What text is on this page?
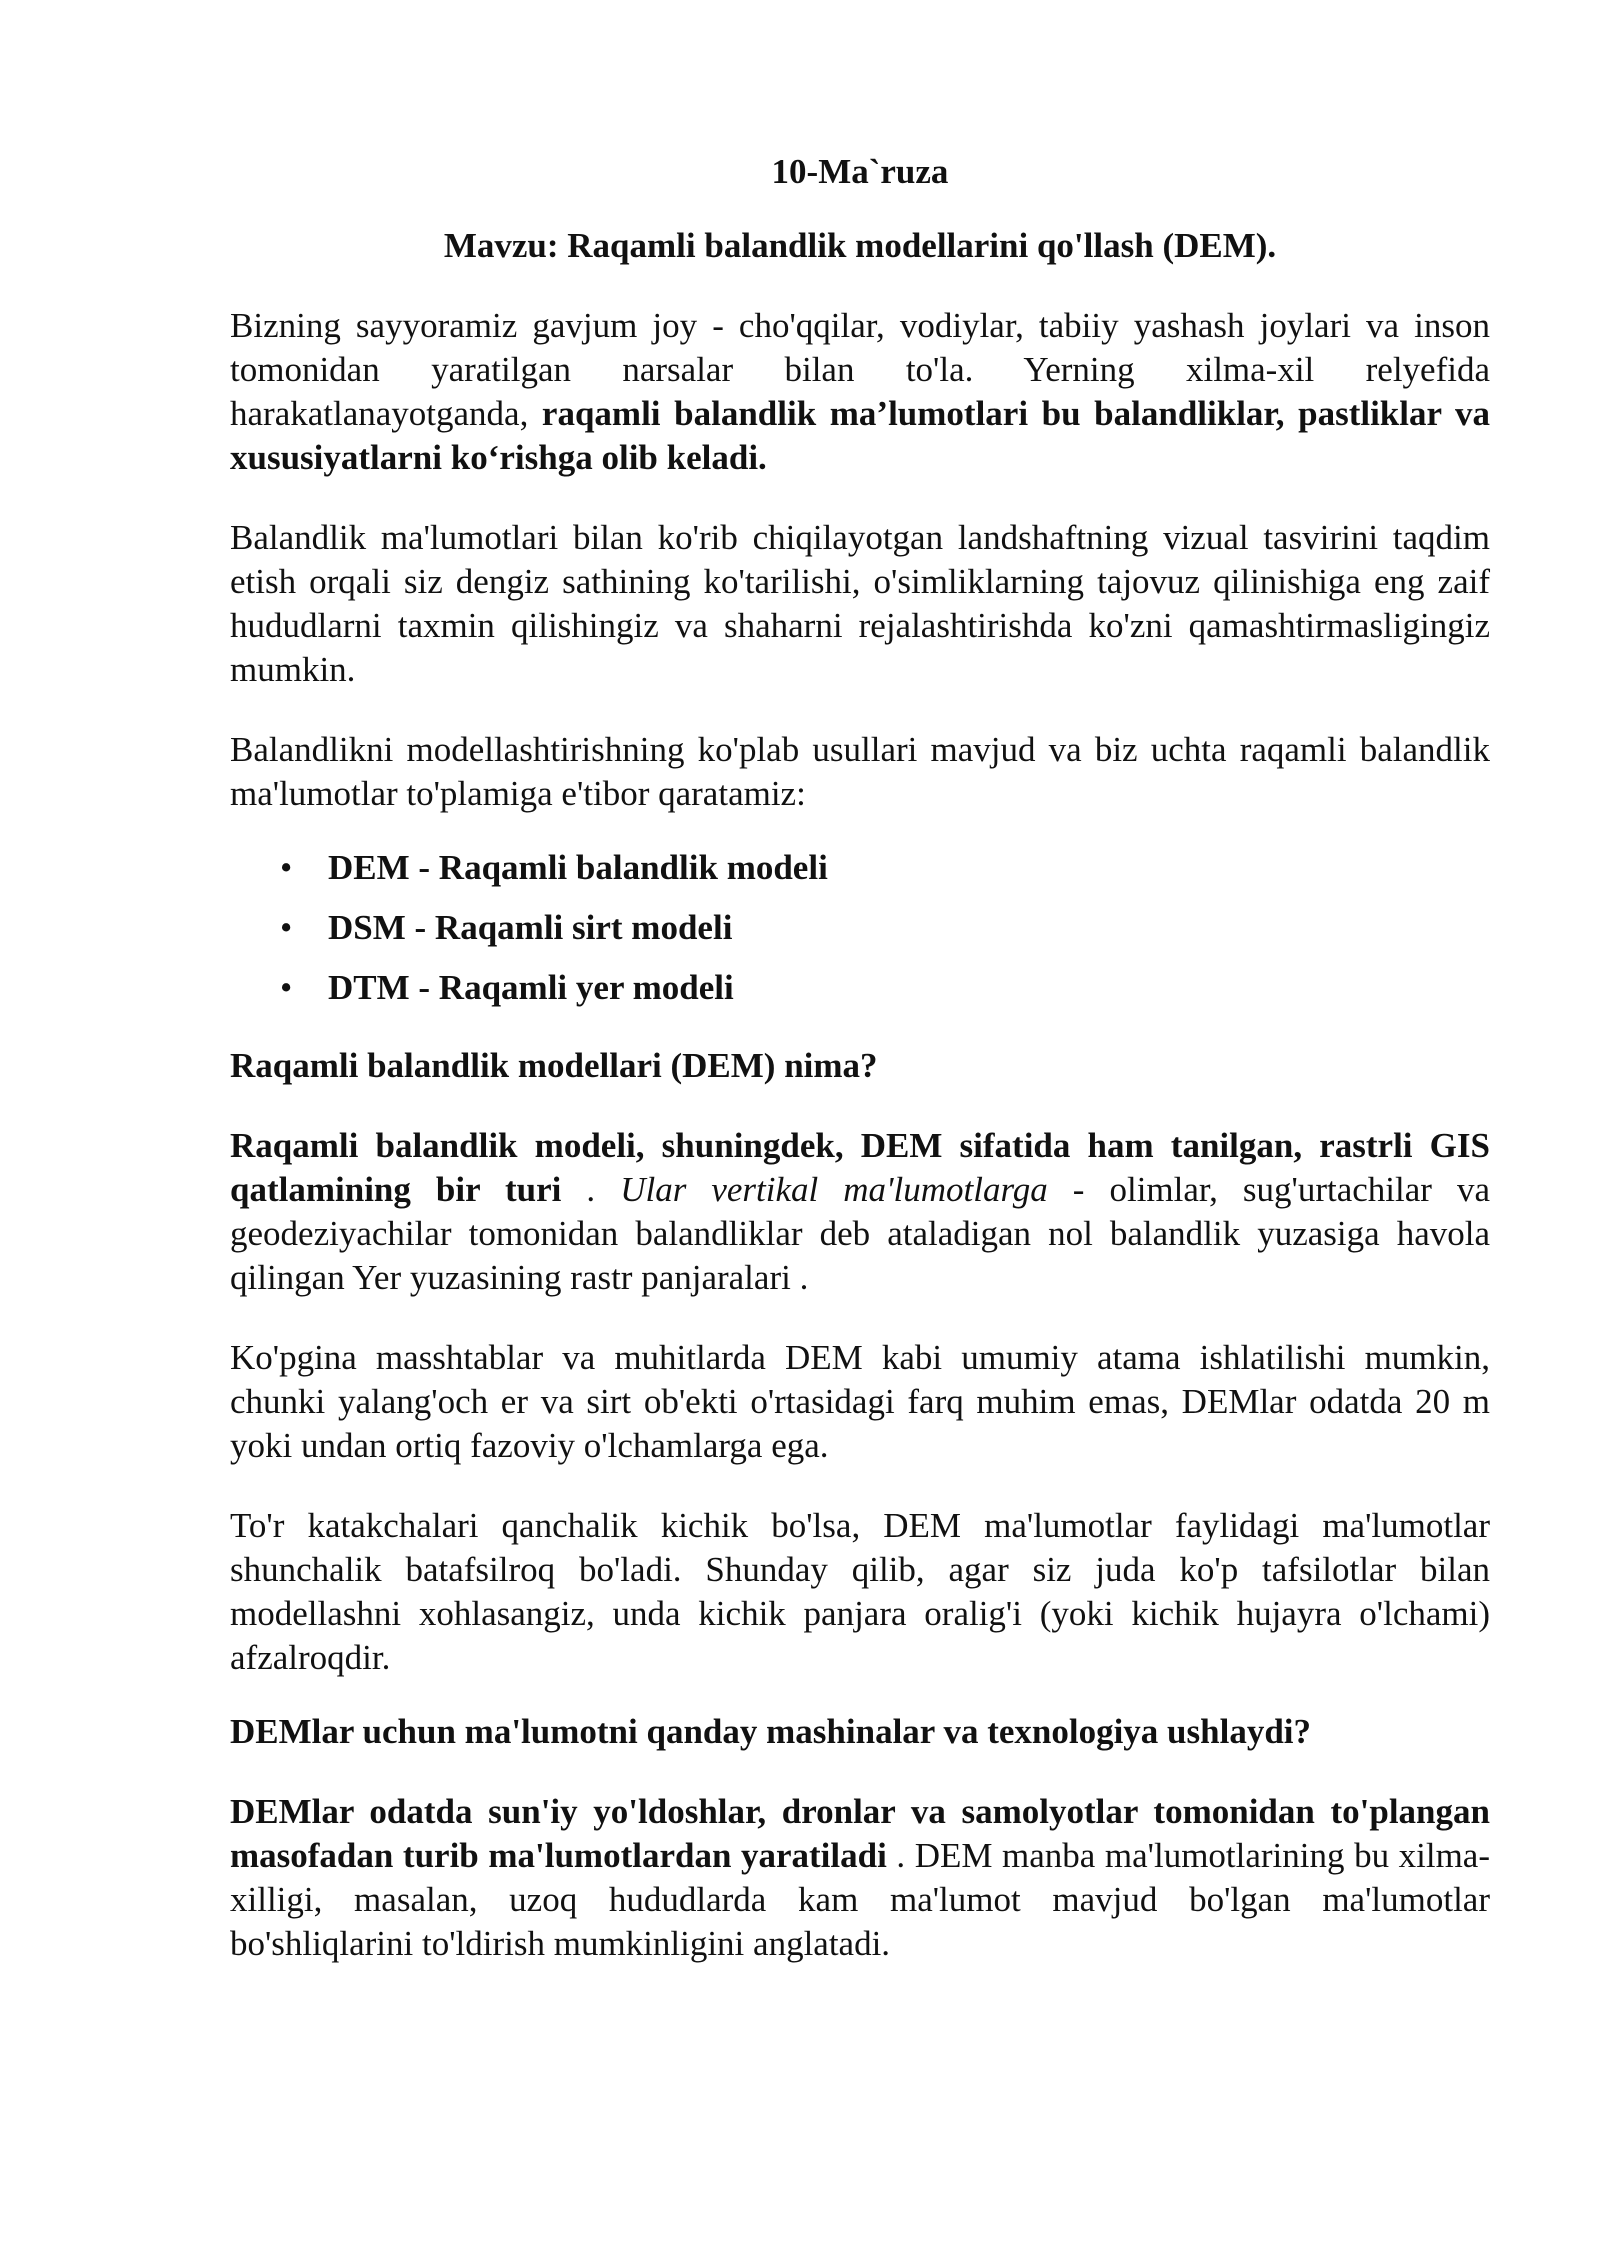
10-Ma`ruza
Mavzu: Raqamli balandlik modellarini qo'llash (DEM).

Bizning sayyoramiz gavjum joy - cho'qqilar, vodiylar, tabiiy yashash joylari va inson tomonidan yaratilgan narsalar bilan to'la. Yerning xilma-xil relyefida harakatlanayotganda, raqamli balandlik ma’lumotlari bu balandliklar, pastliklar va xususiyatlarni ko‘rishga olib keladi.

Balandlik ma'lumotlari bilan ko'rib chiqilayotgan landshaftning vizual tasvirini taqdim etish orqali siz dengiz sathining ko'tarilishi, o'simliklarning tajovuz qilinishiga eng zaif hududlarni taxmin qilishingiz va shaharni rejalashtirishda ko'zni qamashtirmasligingiz mumkin.

Balandlikni modellashtirishning ko'plab usullari mavjud va biz uchta raqamli balandlik ma'lumotlar to'plamiga e'tibor qaratamiz:

• DEM - Raqamli balandlik modeli
• DSM - Raqamli sirt modeli
• DTM - Raqamli yer modeli
Raqamli balandlik modellari (DEM) nima?

Raqamli balandlik modeli, shuningdek, DEM sifatida ham tanilgan, rastrli GIS qatlamining bir turi . Ular vertikal ma'lumotlarga - olimlar, sug'urtachilar va geodeziyachilar tomonidan balandliklar deb ataladigan nol balandlik yuzasiga havola qilingan Yer yuzasining rastr panjaralari .

Ko'pgina masshtablar va muhitlarda DEM kabi umumiy atama ishlatilishi mumkin, chunki yalang'och er va sirt ob'ekti o'rtasidagi farq muhim emas, DEMlar odatda 20 m yoki undan ortiq fazoviy o'lchamlarga ega.

To'r katakchalari qanchalik kichik bo'lsa, DEM ma'lumotlar faylidagi ma'lumotlar shunchalik batafsilroq bo'ladi. Shunday qilib, agar siz juda ko'p tafsilotlar bilan modellashni xohlasangiz, unda kichik panjara oralig'i (yoki kichik hujayra o'lchami) afzalroqdir.

DEMlar uchun ma'lumotni qanday mashinalar va texnologiya ushlaydi?

DEMlar odatda sun'iy yo'ldoshlar, dronlar va samolyotlar tomonidan to'plangan masofadan turib ma'lumotlardan yaratiladi . DEM manba ma'lumotlarining bu xilma-xilligi, masalan, uzoq hududlarda kam ma'lumot mavjud bo'lgan ma'lumotlar bo'shliqlarini to'ldirish mumkinligini anglatadi.
